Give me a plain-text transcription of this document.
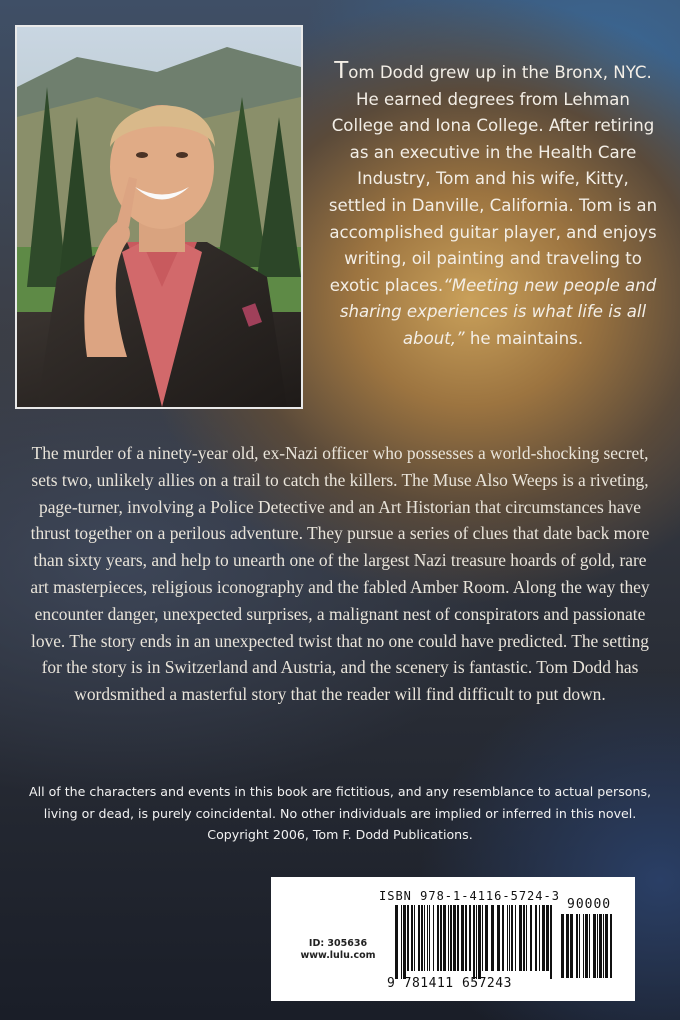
Tom Dodd grew up in the Bronx, NYC. He earned degrees from Lehman College and Iona College. After retiring as an executive in the Health Care Industry, Tom and his wife, Kitty, settled in Danville, California. Tom is an accomplished guitar player, and enjoys writing, oil painting and traveling to exotic places.“Meeting new people and sharing experiences is what life is all about,” he maintains.
The murder of a ninety-year old, ex-Nazi officer who possesses a world-shocking secret, sets two, unlikely allies on a trail to catch the killers. The Muse Also Weeps is a riveting, page-turner, involving a Police Detective and an Art Historian that circumstances have thrust together on a perilous adventure. They pursue a series of clues that date back more than sixty years, and help to unearth one of the largest Nazi treasure hoards of gold, rare art masterpieces, religious iconography and the fabled Amber Room. Along the way they encounter danger, unexpected surprises, a malignant nest of conspirators and passionate love. The story ends in an unexpected twist that no one could have predicted. The setting for the story is in Switzerland and Austria, and the scenery is fantastic. Tom Dodd has wordsmithed a masterful story that the reader will find difficult to put down.
All of the characters and events in this book are fictitious, and any resemblance to actual persons,
living or dead, is purely coincidental. No other individuals are implied or inferred in this novel.
Copyright 2006, Tom F. Dodd Publications.
ID: 305636
www.lulu.com
ISBN 978-1-4116-5724-3
90000
9 781411 657243
